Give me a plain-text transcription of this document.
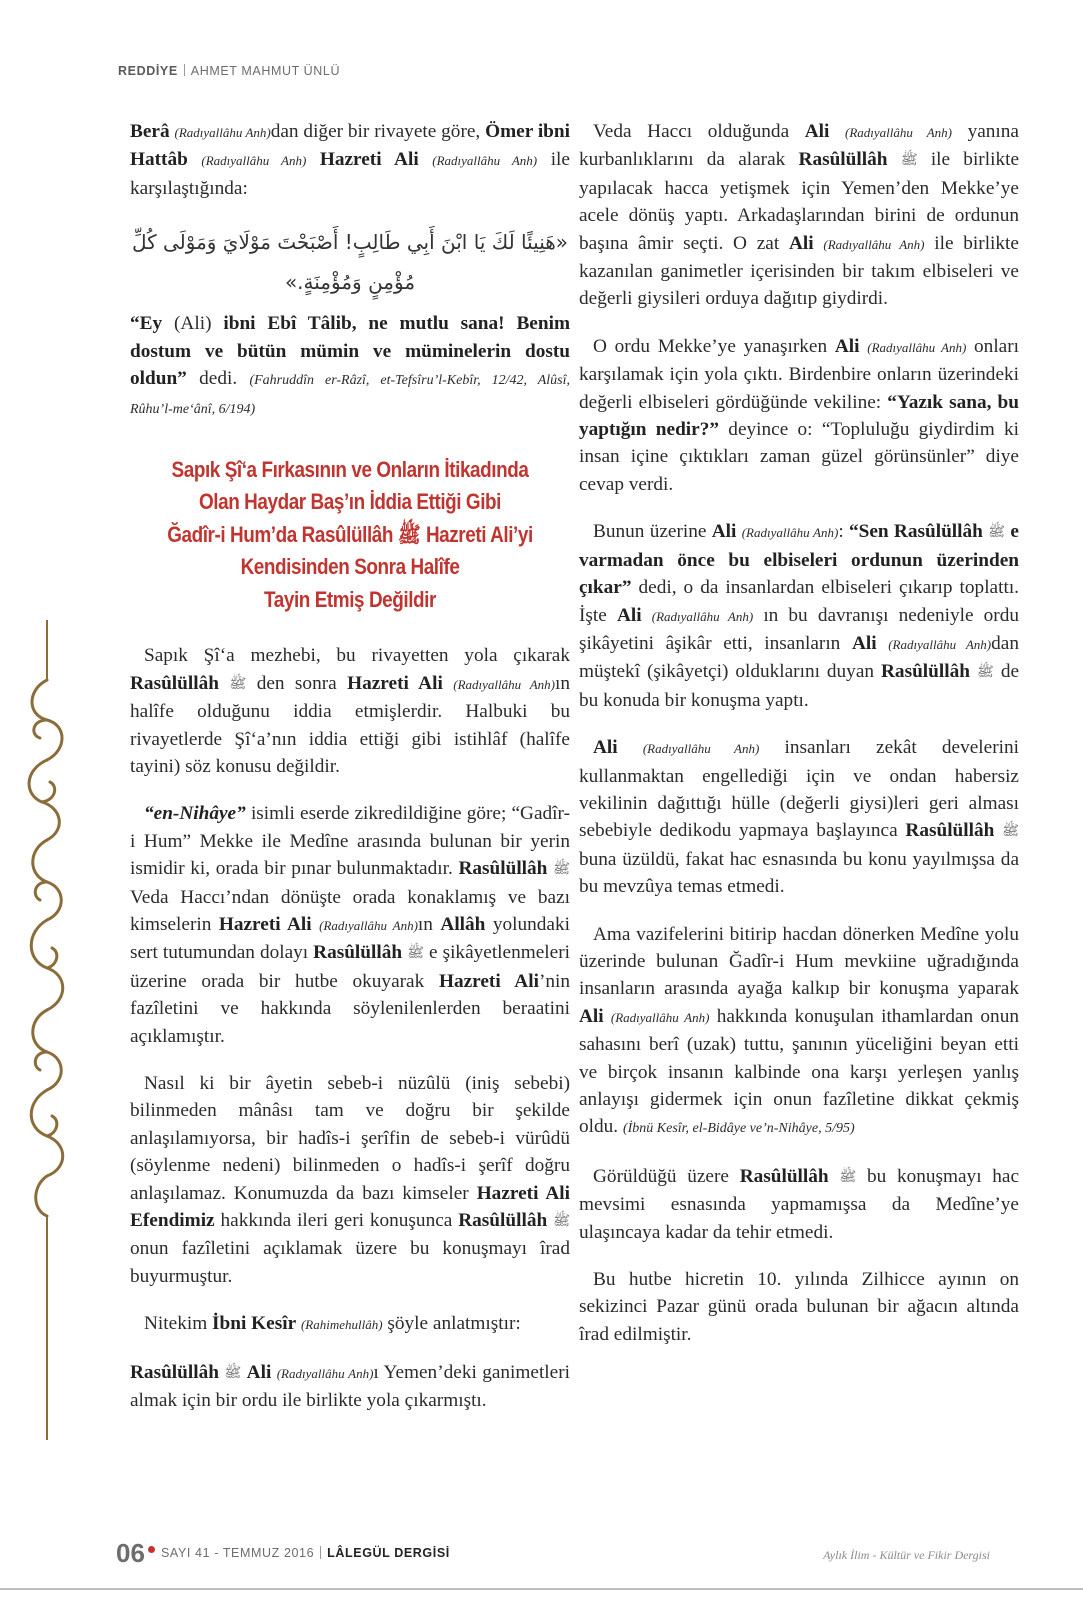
REDDİYE AHMET MAHMUT ÜNLÜ

Berâ (Radıyallâhu Anh)dan diğer bir rivayete göre, Ömer ibni Hattâb (Radıyallâhu Anh) Hazreti Ali (Radıyallâhu Anh) ile karşılaştığında:

«هَنِيئًا لَكَ يَا ابْنَ أَبِي طَالِبٍ! أَصْبَحْتَ مَوْلَايَ وَمَوْلَى كُلِّ مُؤْمِنٍ وَمُؤْمِنَةٍ.»

“Ey (Ali) ibni Ebî Tâlib, ne mutlu sana! Benim dostum ve bütün mümin ve müminelerin dostu oldun” dedi. (Fahruddîn er-Râzî, et-Tefsîru’l-Kebîr, 12/42, Alûsî, Rûhu’l-me‘ânî, 6/194)

Sapık Şî‘a Fırkasının ve Onların İtikadında
Olan Haydar Baş’ın İddia Ettiği Gibi
Ğadîr-i Hum’da Rasûlüllâh ﷺ Hazreti Ali’yi
Kendisinden Sonra Halîfe
Tayin Etmiş Değildir

Sapık Şî‘a mezhebi, bu rivayetten yola çıkarak Rasûlüllâh ﷺ den sonra Hazreti Ali (Radıyallâhu Anh)ın halîfe olduğunu iddia etmişlerdir. Halbuki bu rivayetlerde Şî‘a’nın iddia ettiği gibi istihlâf (halîfe tayini) söz konusu değildir.

“en-Nihâye” isimli eserde zikredildiğine göre; “Gadîr-i Hum” Mekke ile Medîne arasında bulunan bir yerin ismidir ki, orada bir pınar bulunmaktadır. Rasûlüllâh ﷺ Veda Haccı’ndan dönüşte orada konaklamış ve bazı kimselerin Hazreti Ali (Radıyallâhu Anh)ın Allâh yolundaki sert tutumundan dolayı Rasûlüllâh ﷺ e şikâyetlenmeleri üzerine orada bir hutbe okuyarak Hazreti Ali’nin fazîletini ve hakkında söylenilenlerden beraatini açıklamıştır.

Nasıl ki bir âyetin sebeb-i nüzûlü (iniş sebebi) bilinmeden mânâsı tam ve doğru bir şekilde anlaşılamıyorsa, bir hadîs-i şerîfin de sebeb-i vürûdü (söylenme nedeni) bilinmeden o hadîs-i şerîf doğru anlaşılamaz. Konumuzda da bazı kimseler Hazreti Ali Efendimiz hakkında ileri geri konuşunca Rasûlüllâh ﷺ onun fazîletini açıklamak üzere bu konuşmayı îrad buyurmuştur.

Nitekim İbni Kesîr (Rahimehullâh) şöyle anlatmıştır:

Rasûlüllâh ﷺ Ali (Radıyallâhu Anh)ı Yemen’deki ganimetleri almak için bir ordu ile birlikte yola çıkarmıştı.

Veda Haccı olduğunda Ali (Radıyallâhu Anh) yanına kurbanlıklarını da alarak Rasûlüllâh ﷺ ile birlikte yapılacak hacca yetişmek için Yemen’den Mekke’ye acele dönüş yaptı. Arkadaşlarından birini de ordunun başına âmir seçti. O zat Ali (Radıyallâhu Anh) ile birlikte kazanılan ganimetler içerisinden bir takım elbiseleri ve değerli giysileri orduya dağıtıp giydirdi.

O ordu Mekke’ye yanaşırken Ali (Radıyallâhu Anh) onları karşılamak için yola çıktı. Birdenbire onların üzerindeki değerli elbiseleri gördüğünde vekiline: “Yazık sana, bu yaptığın nedir?” deyince o: “Topluluğu giydirdim ki insan içine çıktıkları zaman güzel görünsünler” diye cevap verdi.

Bunun üzerine Ali (Radıyallâhu Anh): “Sen Rasûlüllâh ﷺ e varmadan önce bu elbiseleri ordunun üzerinden çıkar” dedi, o da insanlardan elbiseleri çıkarıp toplattı. İşte Ali (Radıyallâhu Anh) ın bu davranışı nedeniyle ordu şikâyetini âşikâr etti, insanların Ali (Radıyallâhu Anh)dan müştekî (şikâyetçi) olduklarını duyan Rasûlüllâh ﷺ de bu konuda bir konuşma yaptı.

Ali (Radıyallâhu Anh) insanları zekât develerini kullanmaktan engellediği için ve ondan habersiz vekilinin dağıttığı hülle (değerli giysi)leri geri alması sebebiyle dedikodu yapmaya başlayınca Rasûlüllâh ﷺ buna üzüldü, fakat hac esnasında bu konu yayılmışsa da bu mevzûya temas etmedi.

Ama vazifelerini bitirip hacdan dönerken Medîne yolu üzerinde bulunan Ğadîr-i Hum mevkiine uğradığında insanların arasında ayağa kalkıp bir konuşma yaparak Ali (Radıyallâhu Anh) hakkında konuşulan ithamlardan onun sahasını berî (uzak) tuttu, şanının yüceliğini beyan etti ve birçok insanın kalbinde ona karşı yerleşen yanlış anlayışı gidermek için onun fazîletine dikkat çekmiş oldu. (İbnü Kesîr, el-Bidâye ve’n-Nihâye, 5/95)

Görüldüğü üzere Rasûlüllâh ﷺ bu konuşmayı hac mevsimi esnasında yapmamışsa da Medîne’ye ulaşıncaya kadar da tehir etmedi.

Bu hutbe hicretin 10. yılında Zilhicce ayının on sekizinci Pazar günü orada bulunan bir ağacın altında îrad edilmiştir.

06 SAYI 41 - TEMMUZ 2016 LÂLEGÜL DERGİSİ	Aylık İlim - Kültür ve Fikir Dergisi
